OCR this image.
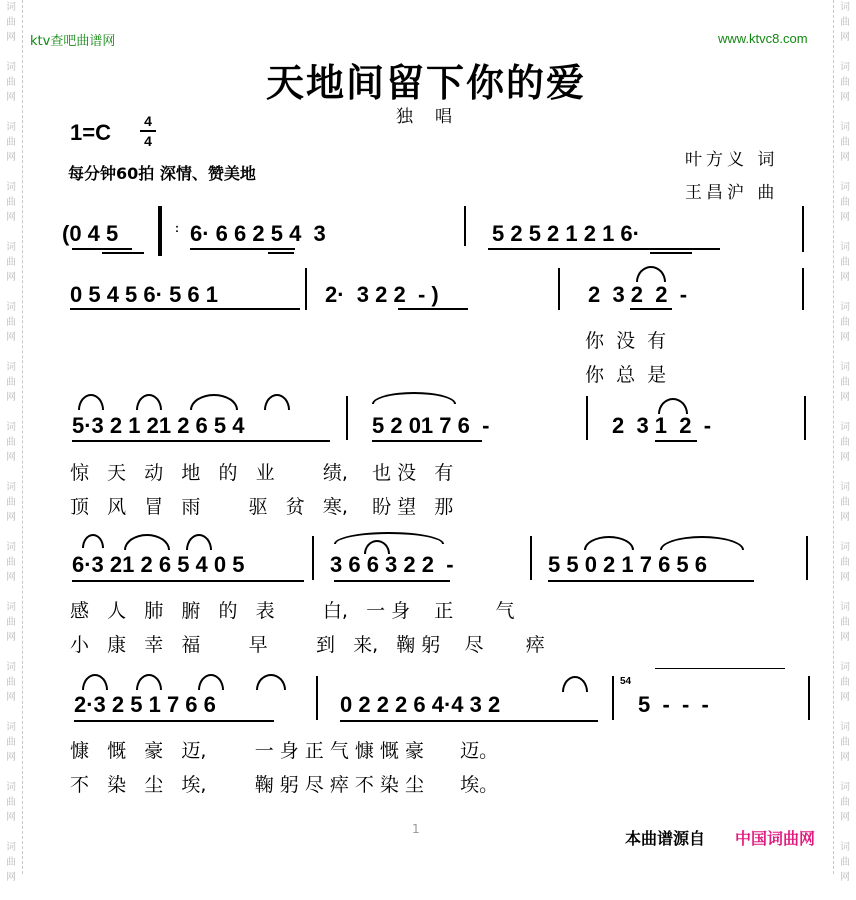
词
曲
网
词
曲
网
词
曲
网
词
曲
网
词
曲
网
词
曲
网
词
曲
网
词
曲
网
词
曲
网
词
曲
网
词
曲
网
词
曲
网
词
曲
网
词
曲
网
词
曲
网
词
曲
网
词
曲
网
词
曲
网
词
曲
网
词
曲
网
词
曲
网
词
曲
网
词
曲
网
词
曲
网
词
曲
网
词
曲
网
词
曲
网
词
曲
网
词
曲
网
词
曲
网
ktv查吧曲谱网	www.ktvc8.com
天地间留下你的爱
独唱
1=C 4
4
每分钟60拍 深情、赞美地
叶方义 词
王昌沪 曲
(0 4 5	: 6· 6 6 2 5 4  3	5 2 5 2 1 2 1 6·
0 5 4 5 6· 5 6 1	2·  3 2 2  - )	2  3 2  2  -
你  没  有
你  总  是
5·3 2 1 21 2 6 5 4	5 2 01 7 6  -	2  3 1  2  -
惊   天   动   地   的   业        绩,    也 没   有
顶   风   冒   雨        驱   贫   寒,    盼 望   那
6·3 21 2 6 5 4 0 5	3 6 6 3 2 2  -	5 5 0 2 1 7 6 5 6
感   人   肺   腑   的   表        白,   一 身    正       气
小   康   幸   福        早        到   来,   鞠 躬    尽       瘁
2·3 2 5 1 7 6 6	0 2 2 2 6 4·4 3 2	5  -  -  -
54
慷   慨   豪   迈,        一 身 正 气 慷 慨 豪      迈。
不   染   尘   埃,        鞠 躬 尽 瘁 不 染 尘      埃。
1	本曲谱源自 中国词曲网
